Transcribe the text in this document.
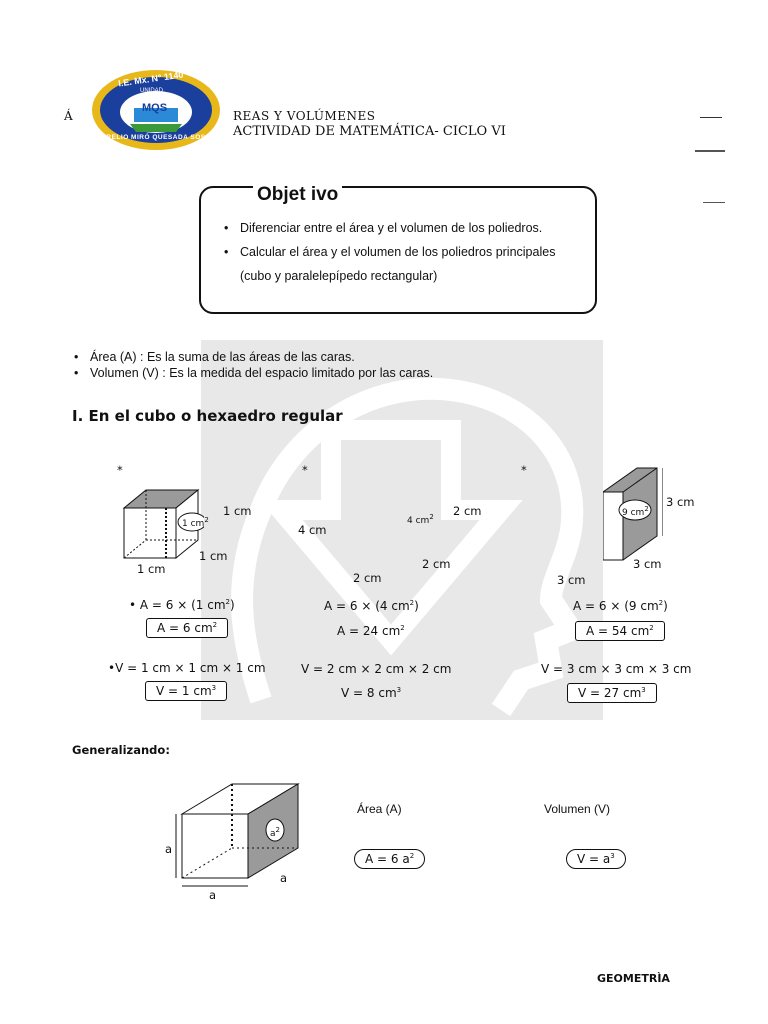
Á
I.E. Mx. N° 1140
MQS
UNIDAD
AURELIO MIRÓ QUESADA SOSA
REAS Y VOLÚMENES
ACTIVIDAD DE MATEMÁTICA- CICLO VI
Objet ivo
• Diferenciar entre el área y el volumen de los poliedros.
• Calcular el área y el volumen de los poliedros principales
(cubo y paralelepípedo rectangular)
• Área (A) : Es la suma de las áreas de las caras.
• Volumen (V) : Es la medida del espacio limitado por las caras.
I. En el cubo o hexaedro regular
*
1 $cm^2$
1 cm
1 cm
1 cm
• A = 6 × (1 $cm^2$)
A = 6 $cm^2$
•V = 1 cm × 1 cm × 1 cm
V = 1 $cm^3$
*
4 $cm^2$ 2 cm
4 cm
2 cm
2 cm
A = 6 × (4 $cm^2$)
A = 24 $cm^2$
V = 2 cm × 2 cm × 2 cm
V = 8 $cm^3$
*
9 $cm^2$ 3 cm
3 cm
3 cm
A = 6 × (9 $cm^2$)
A = 54 $cm^2$
V = 3 cm × 3 cm × 3 cm
V = 27 $cm^3$
Generalizando:
a
a
a
$a^2$
Área (A)
A = 6 $a^2$
Volumen (V)
$V = a^3$
GEOMETRÌA
